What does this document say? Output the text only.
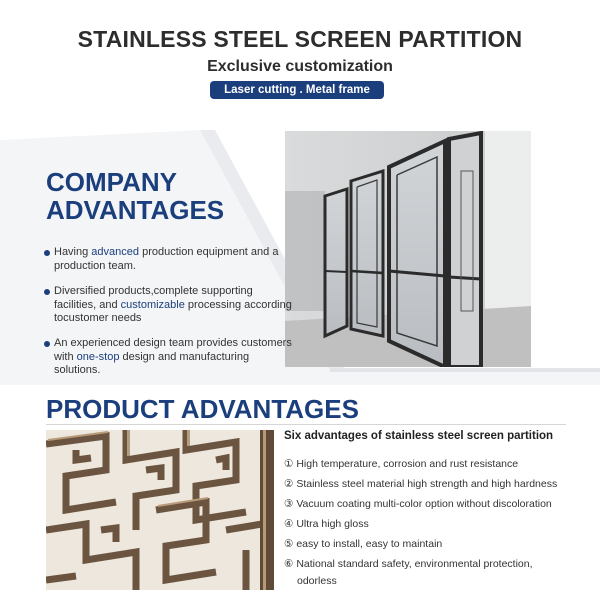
STAINLESS STEEL SCREEN PARTITION
Exclusive customization
Laser cutting . Metal frame
COMPANY
ADVANTAGES
Having advanced production equipment and a production team.
Diversified products,complete supporting facilities, and customizable processing according tocustomer needs
An experienced design team provides customers with one-stop design and manufacturing solutions.
PRODUCT ADVANTAGES
Six advantages of stainless steel screen partition
① High temperature, corrosion and rust resistance
② Stainless steel material high strength and high hardness
③ Vacuum coating multi-color option without discoloration
④ Ultra high gloss
⑤ easy to install, easy to maintain
⑥ National standard safety, environmental protection,
odorless
